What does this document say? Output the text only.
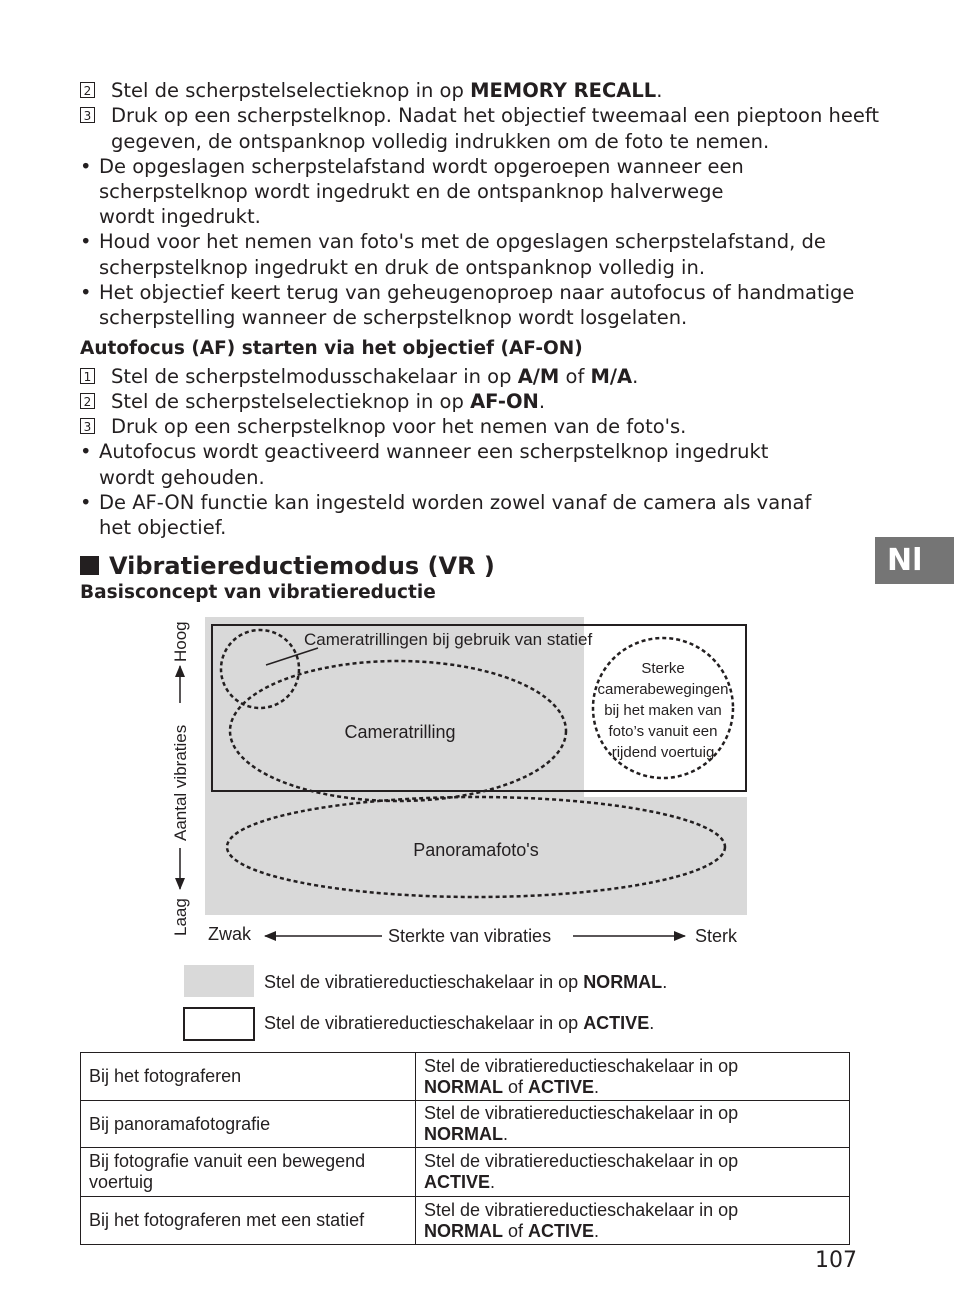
2 Stel de scherpstelselectieknop in op MEMORY RECALL.
3 Druk op een scherpstelknop. Nadat het objectief tweemaal een pieptoon heeft
gegeven, de ontspanknop volledig indrukken om de foto te nemen.
• De opgeslagen scherpstelafstand wordt opgeroepen wanneer een
scherpstelknop wordt ingedrukt en de ontspanknop halverwege
wordt ingedrukt.
• Houd voor het nemen van foto's met de opgeslagen scherpstelafstand, de
scherpstelknop ingedrukt en druk de ontspanknop volledig in.
• Het objectief keert terug van geheugenoproep naar autofocus of handmatige
scherpstelling wanneer de scherpstelknop wordt losgelaten.
Autofocus (AF) starten via het objectief (AF-ON)
1 Stel de scherpstelmodusschakelaar in op A/M of M/A.
2 Stel de scherpstelselectieknop in op AF-ON.
3 Druk op een scherpstelknop voor het nemen van de foto's.
• Autofocus wordt geactiveerd wanneer een scherpstelknop ingedrukt
wordt gehouden.
• De AF-ON functie kan ingesteld worden zowel vanaf de camera als vanaf
het objectief.
Vibratiereductiemodus (VR )
Basisconcept van vibratiereductie
Nl
Cameratrillingen bij gebruik van statief
Cameratrilling
Panoramafoto's
Sterke
camerabewegingen
bij het maken van
foto’s vanuit een
rijdend voertuig
Hoog
Aantal vibraties
Laag Zwak	Sterkte van vibraties	Sterk
Stel de vibratiereductieschakelaar in op NORMAL.
Stel de vibratiereductieschakelaar in op ACTIVE.
Bij het fotograferen	Stel de vibratiereductieschakelaar in op
NORMAL of ACTIVE.
Bij panoramafotografie	Stel de vibratiereductieschakelaar in op
NORMAL.
Bij fotografie vanuit een bewegend voertuig	Stel de vibratiereductieschakelaar in op
ACTIVE.
Bij het fotograferen met een statief	Stel de vibratiereductieschakelaar in op
NORMAL of ACTIVE.
107
